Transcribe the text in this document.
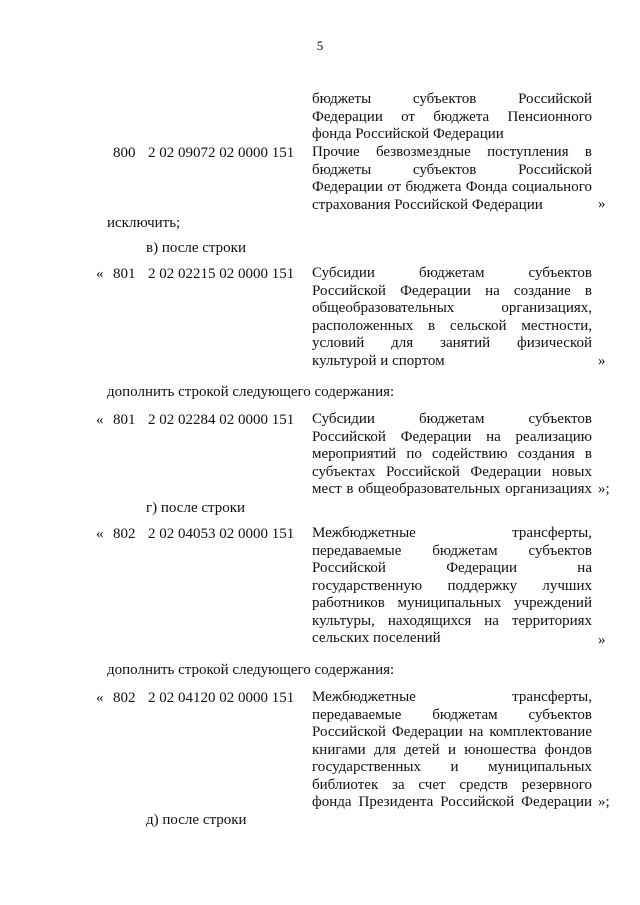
5
бюджеты субъектов Российской
Федерации от бюджета Пенсионного
фонда Российской Федерации
800 2 02 09072 02 0000 151 Прочие безвозмездные поступления в
бюджеты субъектов Российской
Федерации от бюджета Фонда социального
страхования Российской Федерации	»
исключить;
в) после строки
« 801 2 02 02215 02 0000 151 Субсидии бюджетам субъектов
Российской Федерации на создание в
общеобразовательных организациях,
расположенных в сельской местности,
условий для занятий физической
культурой и спортом	»
дополнить строкой следующего содержания:
« 801 2 02 02284 02 0000 151 Субсидии бюджетам субъектов
Российской Федерации на реализацию
мероприятий по содействию создания в
субъектах Российской Федерации новых
мест в общеобразовательных организациях »;
г) после строки
« 802 2 02 04053 02 0000 151 Межбюджетные трансферты,
передаваемые бюджетам субъектов
Российской Федерации на
государственную поддержку лучших
работников муниципальных учреждений
культуры, находящихся на территориях
сельских поселений	»
дополнить строкой следующего содержания:
« 802 2 02 04120 02 0000 151 Межбюджетные трансферты,
передаваемые бюджетам субъектов
Российской Федерации на комплектование
книгами для детей и юношества фондов
государственных и муниципальных
библиотек за счет средств резервного
фонда Президента Российской Федерации »;
д) после строки
